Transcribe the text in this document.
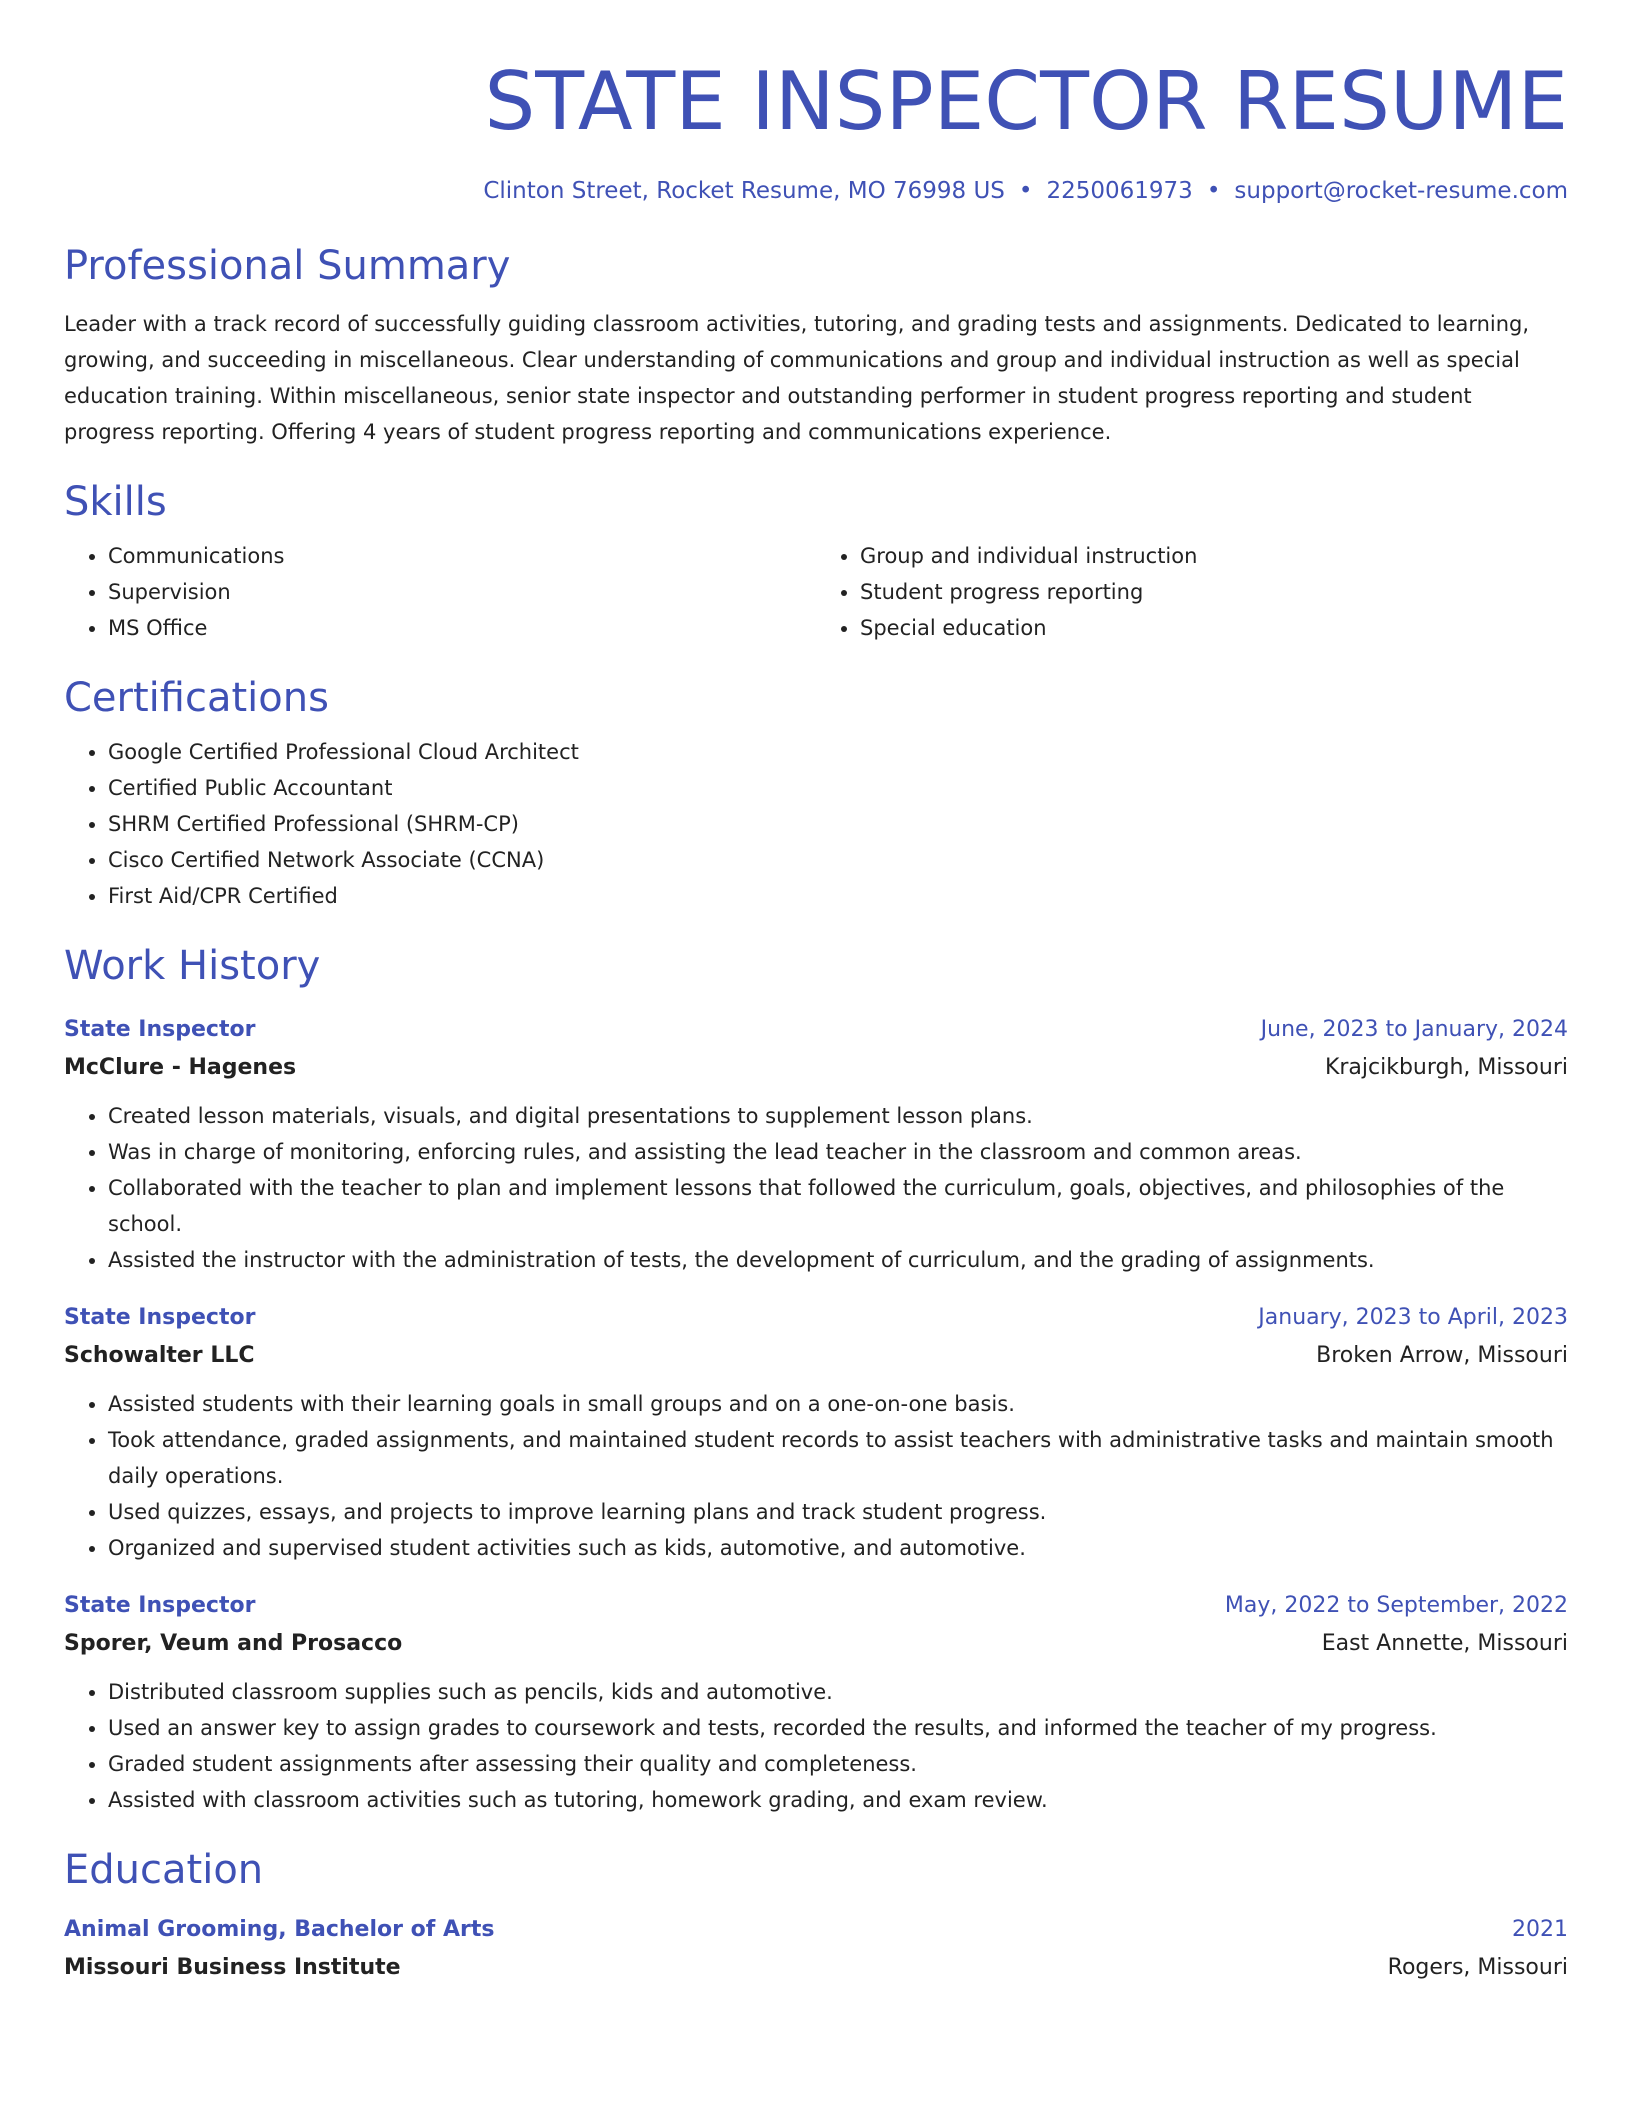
STATE INSPECTOR RESUME
Clinton Street, Rocket Resume, MO 76998 US • 2250061973 • support@rocket-resume.com
Professional Summary
Leader with a track record of successfully guiding classroom activities, tutoring, and grading tests and assignments. Dedicated to learning, growing, and succeeding in miscellaneous. Clear understanding of communications and group and individual instruction as well as special education training. Within miscellaneous, senior state inspector and outstanding performer in student progress reporting and student progress reporting. Offering 4 years of student progress reporting and communications experience.
Skills
• Communications
• Supervision
• MS Office
• Group and individual instruction
• Student progress reporting
• Special education
Certifications
• Google Certified Professional Cloud Architect
• Certified Public Accountant
• SHRM Certified Professional (SHRM-CP)
• Cisco Certified Network Associate (CCNA)
• First Aid/CPR Certified
Work History
State Inspector	June, 2023 to January, 2024
McClure - Hagenes	Krajcikburgh, Missouri
• Created lesson materials, visuals, and digital presentations to supplement lesson plans.
• Was in charge of monitoring, enforcing rules, and assisting the lead teacher in the classroom and common areas.
• Collaborated with the teacher to plan and implement lessons that followed the curriculum, goals, objectives, and philosophies of the school.
• Assisted the instructor with the administration of tests, the development of curriculum, and the grading of assignments.
State Inspector	January, 2023 to April, 2023
Schowalter LLC	Broken Arrow, Missouri
• Assisted students with their learning goals in small groups and on a one-on-one basis.
• Took attendance, graded assignments, and maintained student records to assist teachers with administrative tasks and maintain smooth daily operations.
• Used quizzes, essays, and projects to improve learning plans and track student progress.
• Organized and supervised student activities such as kids, automotive, and automotive.
State Inspector	May, 2022 to September, 2022
Sporer, Veum and Prosacco	East Annette, Missouri
• Distributed classroom supplies such as pencils, kids and automotive.
• Used an answer key to assign grades to coursework and tests, recorded the results, and informed the teacher of my progress.
• Graded student assignments after assessing their quality and completeness.
• Assisted with classroom activities such as tutoring, homework grading, and exam review.
Education
Animal Grooming, Bachelor of Arts	2021
Missouri Business Institute	Rogers, Missouri
